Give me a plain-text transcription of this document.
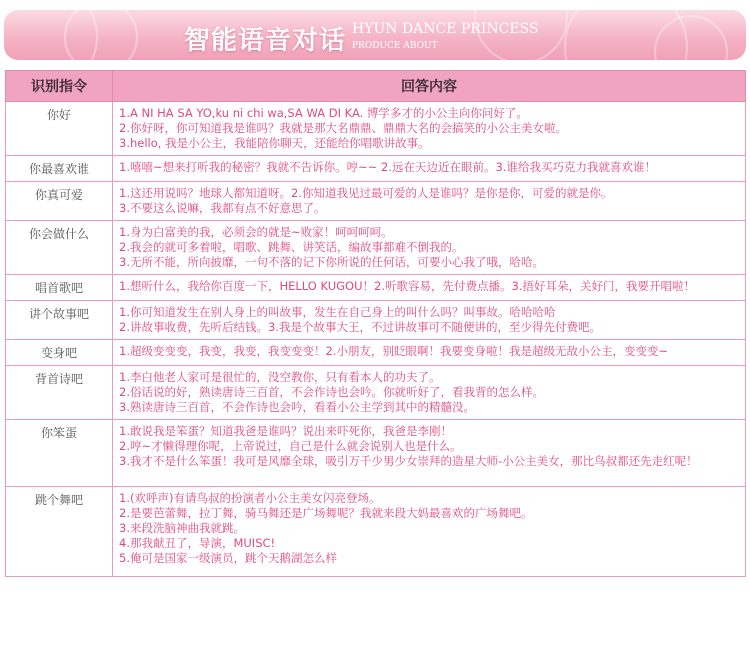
智能语音对话 HYUN DANCE PRINCESS
PRODUCE ABOUT
识别指令	回答内容
你好	1.A NI HA SA YO,ku ni chi wa,SA WA DI KA. 博学多才的小公主向你问好了。
2.你好呀，你可知道我是谁吗？我就是那大名鼎鼎、鼎鼎大名的会搞笑的小公主美女啦。
3.hello, 我是小公主，我能陪你聊天，还能给你唱歌讲故事。

你最喜欢谁	1.嘻嘻~想来打听我的秘密？我就不告诉你。哼~~ 2.远在天边近在眼前。3.谁给我买巧克力我就喜欢谁！

你真可爱	1.这还用说吗？地球人都知道呀。2.你知道我见过最可爱的人是谁吗？是你是你，可爱的就是你。
3.不要这么说嘛，我都有点不好意思了。

你会做什么	1.身为白富美的我，必须会的就是~败家！呵呵呵呵。
2.我会的就可多着啦，唱歌、跳舞、讲笑话，编故事都难不倒我的。
3.无所不能，所向披靡，一句不落的记下你所说的任何话，可要小心我了哦，哈哈。

唱首歌吧	1.想听什么，我给你百度一下，HELLO KUGOU！2.听歌容易，先付费点播。3.捂好耳朵，关好门，我要开唱啦！

讲个故事吧	1.你可知道发生在别人身上的叫故事，发生在自己身上的叫什么吗？叫事故。哈哈哈哈
2.讲故事收费，先听后结钱。3.我是个故事大王，不过讲故事可不随便讲的，至少得先付费吧。

变身吧	1.超级变变变，我变，我变，我变变变！2.小朋友，别眨眼啊！我要变身啦！我是超级无敌小公主，变变变~

背首诗吧	1.李白他老人家可是很忙的，没空教你，只有看本人的功夫了。
2.俗话说的好，熟读唐诗三百首，不会作诗也会吟。你就听好了，看我背的怎么样。
3.熟读唐诗三百首，不会作诗也会吟，看看小公主学到其中的精髓没。

你笨蛋	1.敢说我是笨蛋？知道我爸是谁吗？说出来吓死你，我爸是李刚！
2.哼~才懒得理你呢，上帝说过，自己是什么就会说别人也是什么。
3.我才不是什么笨蛋！我可是风靡全球，吸引万千少男少女崇拜的造星大师-小公主美女，那比鸟叔都还先走红呢！

跳个舞吧	1.(欢呼声)有请鸟叔的扮演者小公主美女闪亮登场。
2.是要芭蕾舞，拉丁舞，骑马舞还是广场舞呢？我就来段大妈最喜欢的广场舞吧。
3.来段洗脑神曲我就跳。
4.那我献丑了，导演，MUISC!
5.俺可是国家一级演员，跳个天鹅湖怎么样
